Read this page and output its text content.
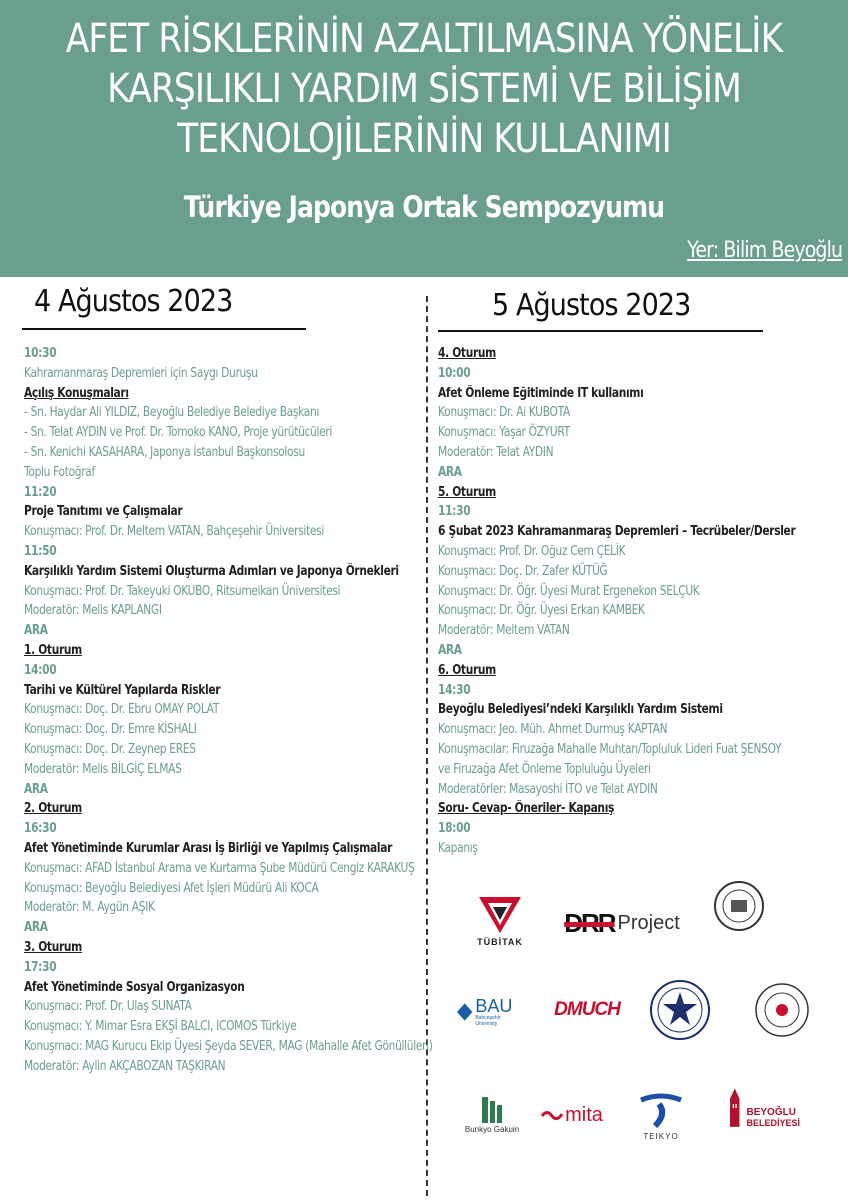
AFET RİSKLERİNİN AZALTILMASINA YÖNELİK
KARŞILIKLI YARDIM SİSTEMİ VE BİLİŞİM
TEKNOLOJİLERİNİN KULLANIMI
Türkiye Japonya Ortak Sempozyumu
Yer: Bilim Beyoğlu
4 Ağustos 2023	5 Ağustos 2023
10:30
Kahramanmaraş Depremleri için Saygı Duruşu
Açılış Konuşmaları
- Sn. Haydar Ali YILDIZ, Beyoğlu Belediye Belediye Başkanı
- Sn. Telat AYDIN ve Prof. Dr. Tomoko KANO, Proje yürütücüleri
- Sn. Kenichi KASAHARA, Japonya İstanbul Başkonsolosu
Toplu Fotoğraf
11:20
Proje Tanıtımı ve Çalışmalar
Konuşmacı: Prof. Dr. Meltem VATAN, Bahçeşehir Üniversitesi
11:50
Karşılıklı Yardım Sistemi Oluşturma Adımları ve Japonya Örnekleri
Konuşmacı: Prof. Dr. Takeyuki OKUBO, Ritsumeikan Üniversitesi
Moderatör: Melis KAPLANGI
ARA
1. Oturum
14:00
Tarihi ve Kültürel Yapılarda Riskler
Konuşmacı: Doç. Dr. Ebru OMAY POLAT
Konuşmacı: Doç. Dr. Emre KİSHALI
Konuşmacı: Doç. Dr. Zeynep ERES
Moderatör: Melis BİLGİÇ ELMAS
ARA
2. Oturum
16:30
Afet Yönetiminde Kurumlar Arası İş Birliği ve Yapılmış Çalışmalar
Konuşmacı: AFAD İstanbul Arama ve Kurtarma Şube Müdürü Cengiz KARAKUŞ
Konuşmacı: Beyoğlu Belediyesi Afet İşleri Müdürü Ali KOCA
Moderatör: M. Aygün AŞIK
ARA
3. Oturum
17:30
Afet Yönetiminde Sosyal Organizasyon
Konuşmacı: Prof. Dr. Ulaş SUNATA
Konuşmacı: Y. Mimar Esra EKŞİ BALCI, ICOMOS Türkiye
Konuşmacı: MAG Kurucu Ekip Üyesi Şeyda SEVER, MAG (Mahalle Afet Gönüllüleri)
Moderatör: Aylin AKÇABOZAN TAŞKIRAN
4. Oturum
10:00
Afet Önleme Eğitiminde IT kullanımı
Konuşmacı: Dr. Ai KUBOTA
Konuşmacı: Yaşar ÖZYURT
Moderatör: Telat AYDIN
ARA
5. Oturum
11:30
6 Şubat 2023 Kahramanmaraş Depremleri – Tecrübeler/Dersler
Konuşmacı: Prof. Dr. Oğuz Cem ÇELİK
Konuşmacı: Doç. Dr. Zafer KÜTÜĞ
Konuşmacı: Dr. Öğr. Üyesi Murat Ergenekon SELÇUK
Konuşmacı: Dr. Öğr. Üyesi Erkan KAMBEK
Moderatör: Meltem VATAN
ARA
6. Oturum
14:30
Beyoğlu Belediyesi’ndeki Karşılıklı Yardım Sistemi
Konuşmacı: Jeo. Müh. Ahmet Durmuş KAPTAN
Konuşmacılar: Firuzağa Mahalle Muhtarı/Topluluk Lideri Fuat ŞENSOY
ve Firuzağa Afet Önleme Topluluğu Üyeleri
Moderatörler: Masayoshi İTO ve Telat AYDIN
Soru- Cevap- Öneriler- Kapanış
18:00
Kapanış
TÜBİTAK
DRR Project
BAU
Bahçeşehir University
DMUCH
Bunkyo Gakuin
mita
TEIKYO
BEYOĞLU
BELEDİYESİ
